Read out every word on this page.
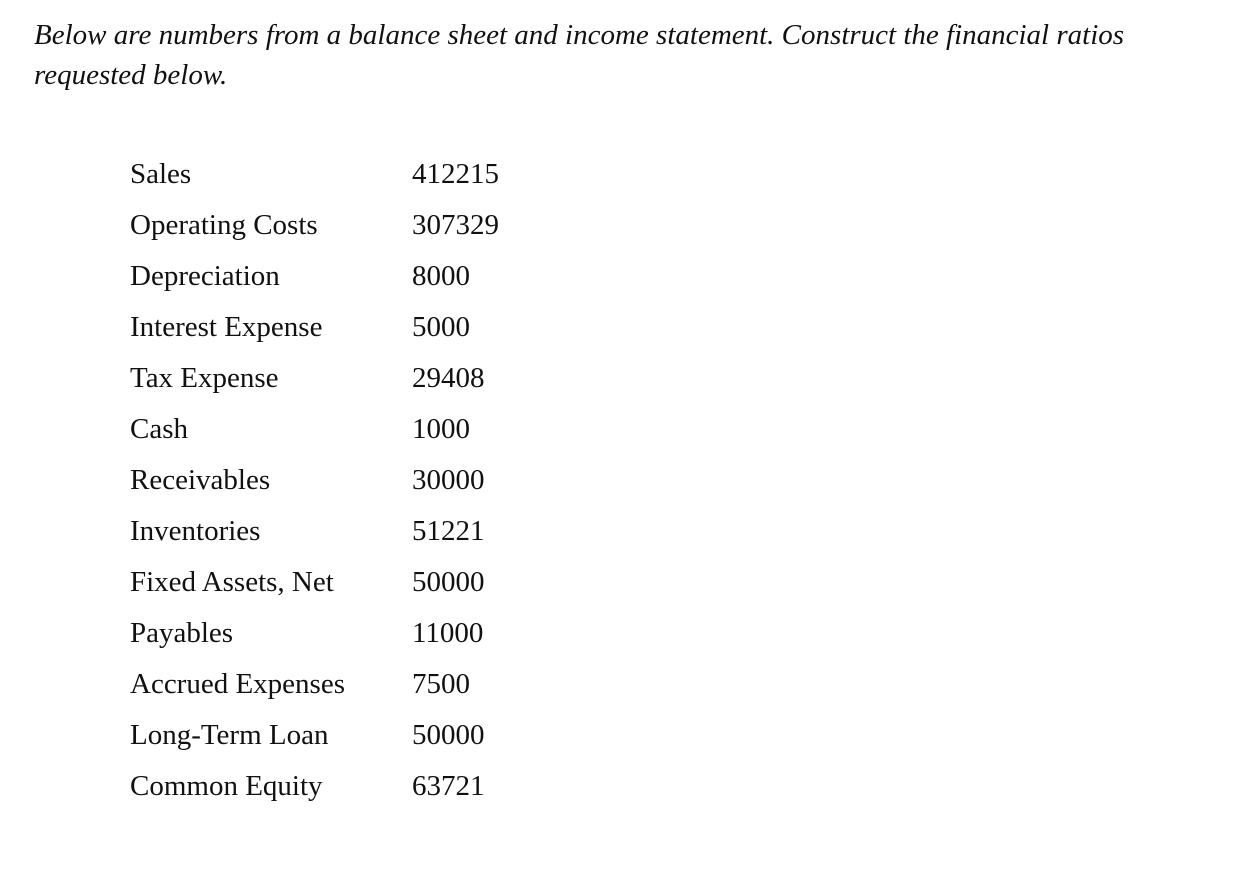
Below are numbers from a balance sheet and income statement. Construct the financial ratios
requested below.

Sales	412215
Operating Costs	307329
Depreciation	8000
Interest Expense	5000
Tax Expense	29408
Cash	1000
Receivables	30000
Inventories	51221
Fixed Assets, Net	50000
Payables	11000
Accrued Expenses	7500
Long-Term Loan	50000
Common Equity	63721
